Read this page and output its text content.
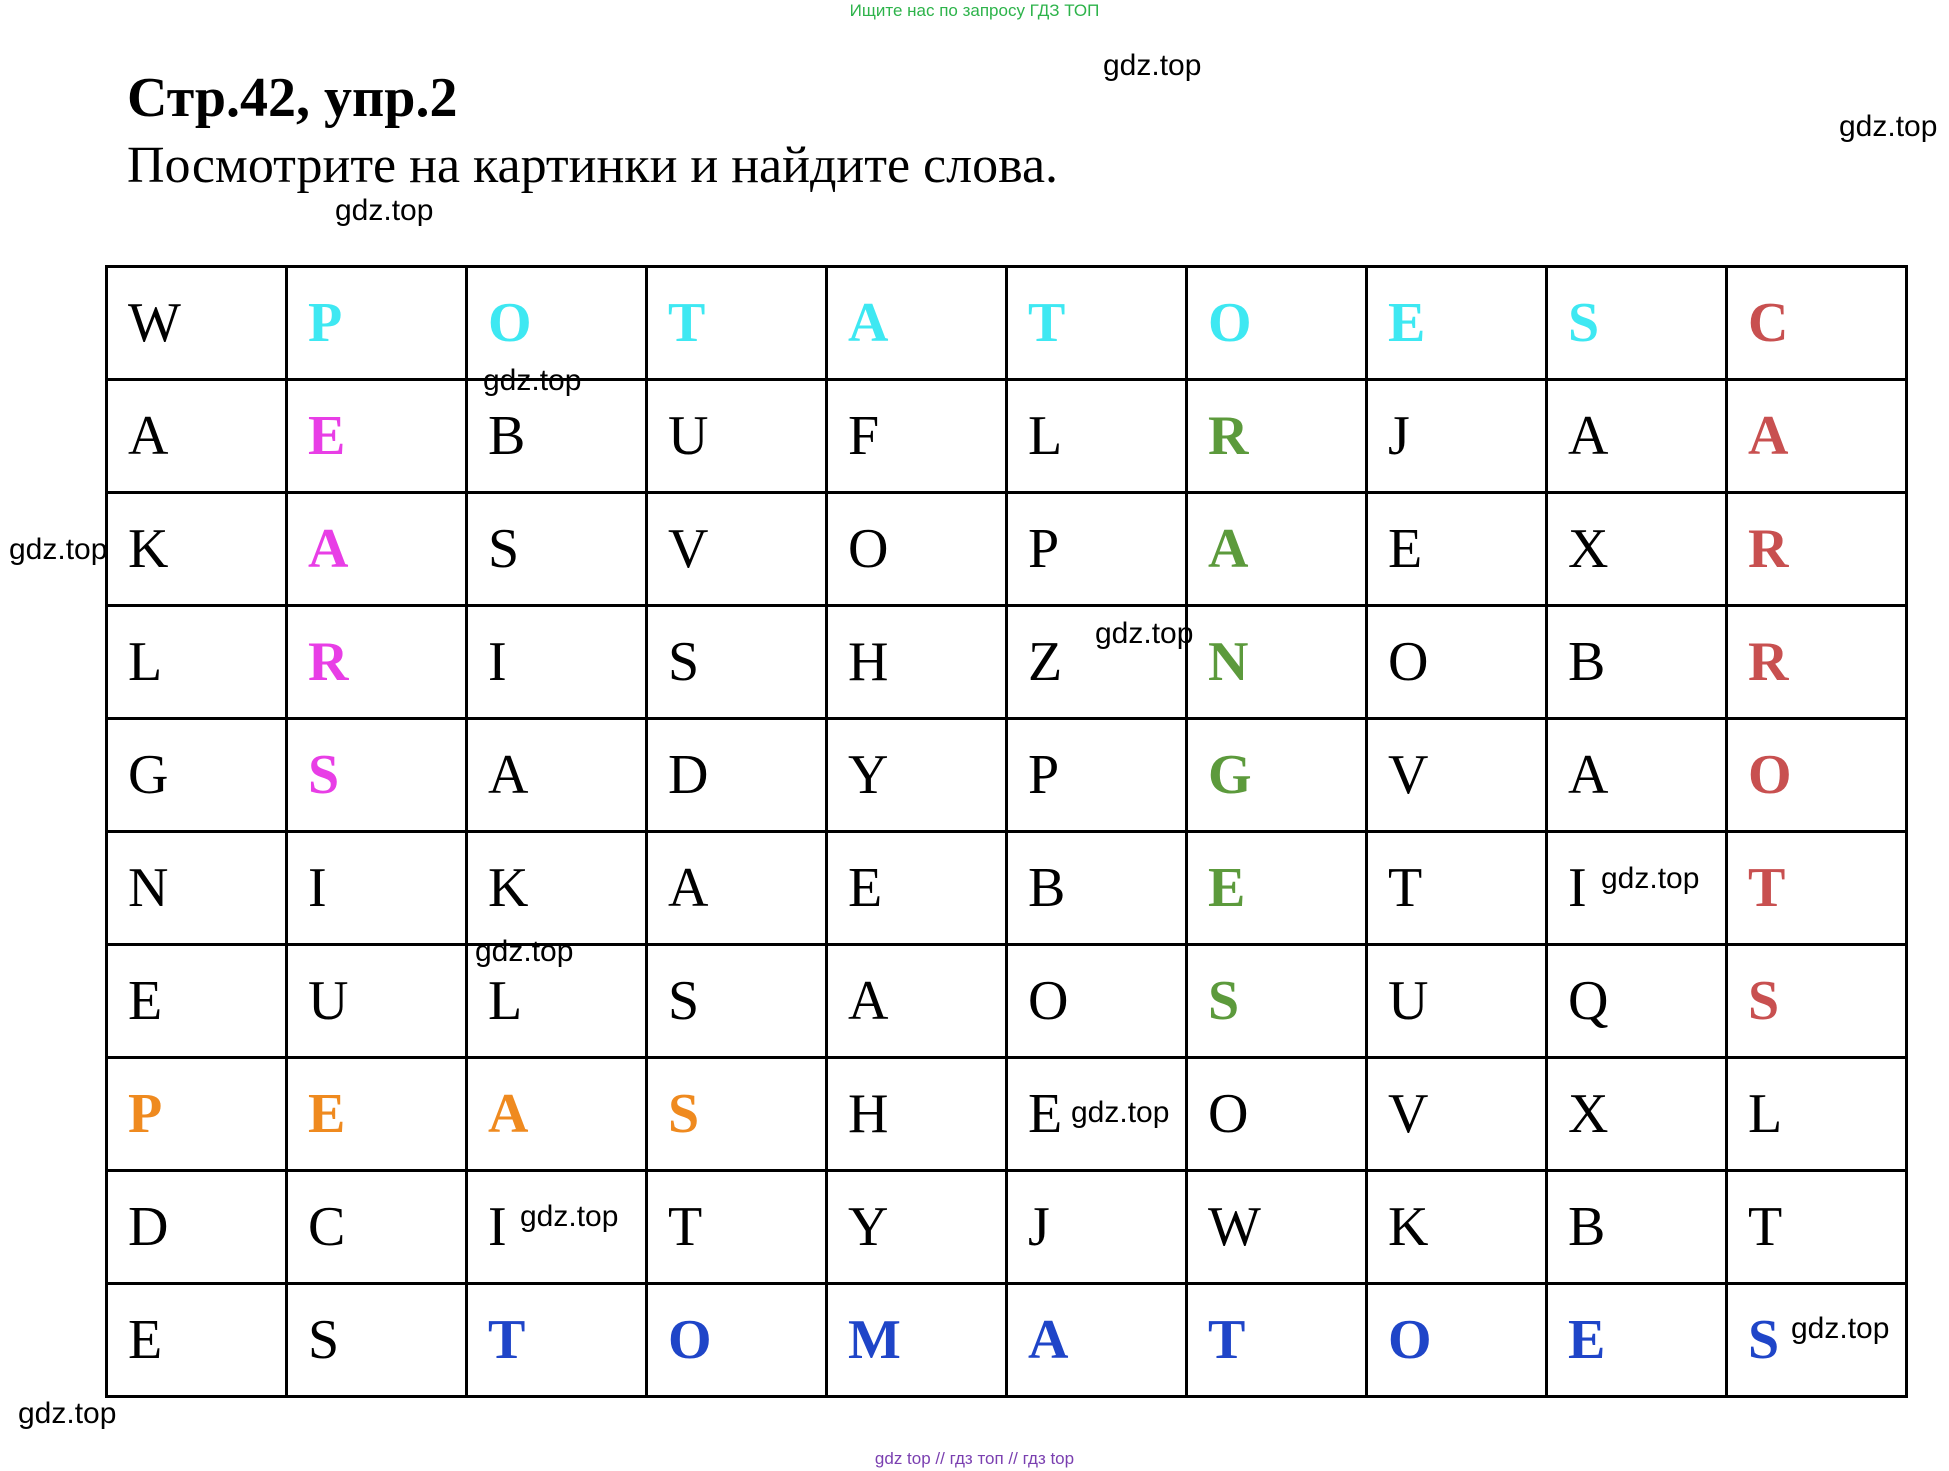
Ищите нас по запросу ГДЗ ТОП
Стр.42, упр.2
Посмотрите на картинки и найдите слова.
W	P	O	T	A	T	O	E	S	C
A	E	B	U	F	L	R	J	A	A
K	A	S	V	O	P	A	E	X	R
L	R	I	S	H	Z	N	O	B	R
G	S	A	D	Y	P	G	V	A	O
N	I	K	A	E	B	E	T	I	T
E	U	L	S	A	O	S	U	Q	S
P	E	A	S	H	E	O	V	X	L
D	C	I	T	Y	J	W	K	B	T
E	S	T	O	M	A	T	O	E	S
gdz.top
gdz.top
gdz.top
gdz.top
gdz.top
gdz.top
gdz.top
gdz.top
gdz.top
gdz.top
gdz.top
gdz.top
gdz top // гдз топ // гдз top
